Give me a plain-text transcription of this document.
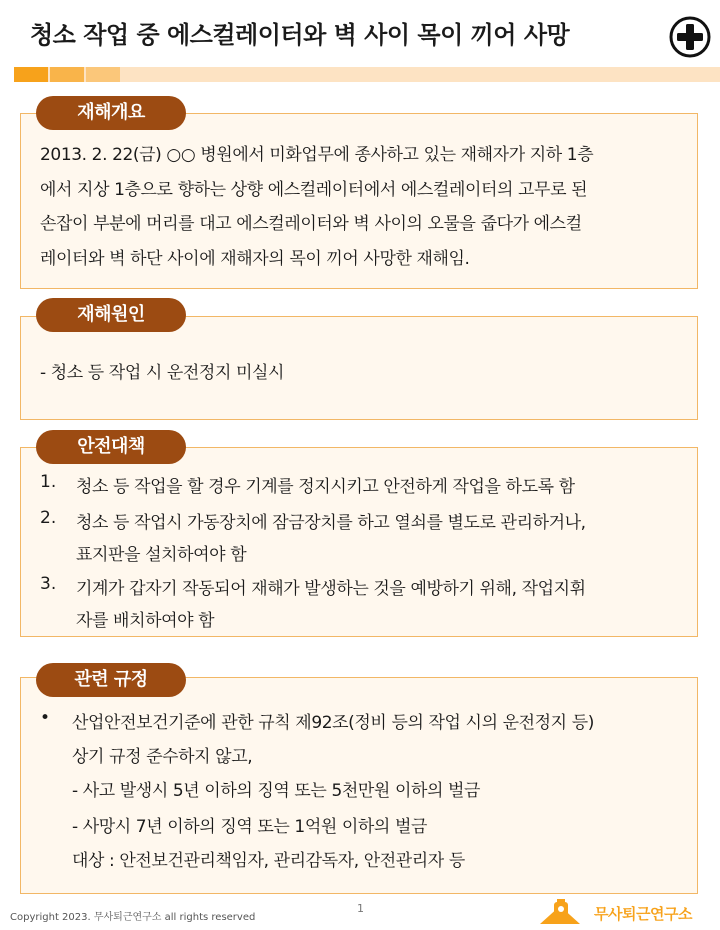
청소 작업 중 에스컬레이터와 벽 사이 목이 끼어 사망
재해개요
2013. 2. 22(금) ○○ 병원에서 미화업무에 종사하고 있는 재해자가 지하 1층
에서 지상 1층으로 향하는 상향 에스컬레이터에서 에스컬레이터의 고무로 된
손잡이 부분에 머리를 대고 에스컬레이터와 벽 사이의 오물을 줍다가 에스컬
레이터와 벽 하단 사이에 재해자의 목이 끼어 사망한 재해임.
재해원인
- 청소 등 작업 시 운전정지 미실시
안전대책
1. 청소 등 작업을 할 경우 기계를 정지시키고 안전하게 작업을 하도록 함
2. 청소 등 작업시 가동장치에 잠금장치를 하고 열쇠를 별도로 관리하거나,
표지판을 설치하여야 함
3. 기계가 갑자기 작동되어 재해가 발생하는 것을 예방하기 위해, 작업지휘
자를 배치하여야 함
관련 규정
• 산업안전보건기준에 관한 규칙 제92조(정비 등의 작업 시의 운전정지 등)
상기 규정 준수하지 않고,
- 사고 발생시 5년 이하의 징역 또는 5천만원 이하의 벌금
- 사망시 7년 이하의 징역 또는 1억원 이하의 벌금
대상 : 안전보건관리책임자, 관리감독자, 안전관리자 등
Copyright 2023. 무사퇴근연구소 all rights reserved
1	무사퇴근연구소
